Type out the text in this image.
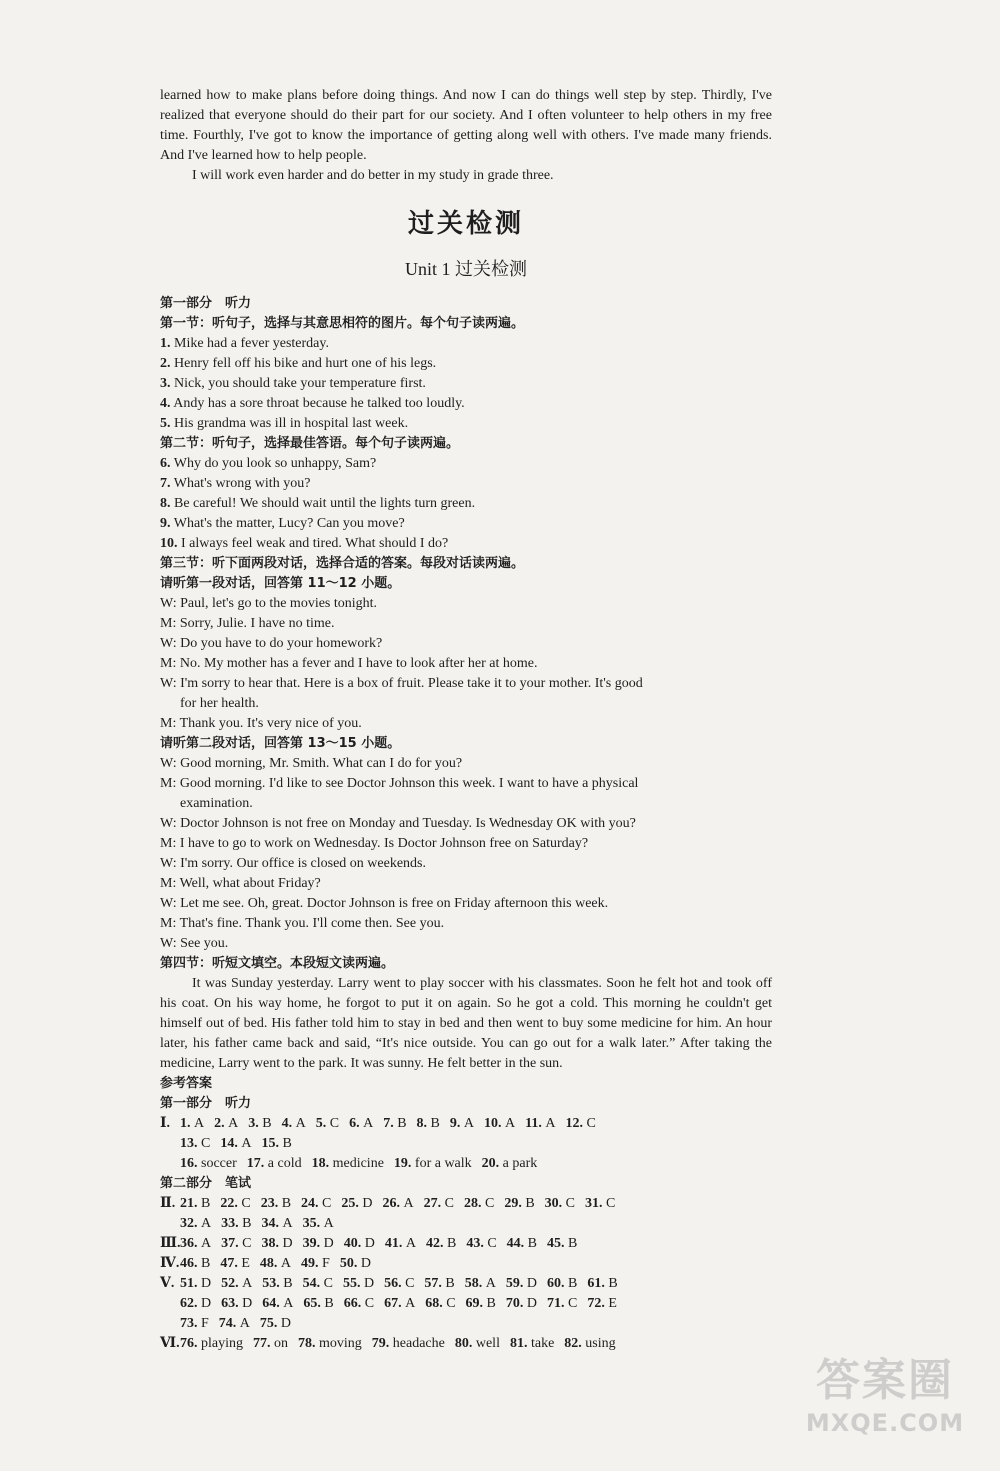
learned how to make plans before doing things. And now I can do things well step by step. Thirdly, I've realized that everyone should do their part for our society. And I often volunteer to help others in my free time. Fourthly, I've got to know the importance of getting along well with others. I've made many friends. And I've learned how to help people.

I will work even harder and do better in my study in grade three.

过关检测
Unit 1 过关检测
第一部分　听力
第一节：听句子，选择与其意思相符的图片。每个句子读两遍。

1. Mike had a fever yesterday.

2. Henry fell off his bike and hurt one of his legs.

3. Nick, you should take your temperature first.

4. Andy has a sore throat because he talked too loudly.

5. His grandma was ill in hospital last week.

第二节：听句子，选择最佳答语。每个句子读两遍。

6. Why do you look so unhappy, Sam?

7. What's wrong with you?

8. Be careful! We should wait until the lights turn green.

9. What's the matter, Lucy? Can you move?

10. I always feel weak and tired. What should I do?

第三节：听下面两段对话，选择合适的答案。每段对话读两遍。
请听第一段对话，回答第 11～12 小题。

W: Paul, let's go to the movies tonight.

M: Sorry, Julie. I have no time.

W: Do you have to do your homework?

M: No. My mother has a fever and I have to look after her at home.

W: I'm sorry to hear that. Here is a box of fruit. Please take it to your mother. It's good

for her health.

M: Thank you. It's very nice of you.

请听第二段对话，回答第 13～15 小题。

W: Good morning, Mr. Smith. What can I do for you?

M: Good morning. I'd like to see Doctor Johnson this week. I want to have a physical

examination.

W: Doctor Johnson is not free on Monday and Tuesday. Is Wednesday OK with you?

M: I have to go to work on Wednesday. Is Doctor Johnson free on Saturday?

W: I'm sorry. Our office is closed on weekends.

M: Well, what about Friday?

W: Let me see. Oh, great. Doctor Johnson is free on Friday afternoon this week.

M: That's fine. Thank you. I'll come then. See you.

W: See you.

第四节：听短文填空。本段短文读两遍。

It was Sunday yesterday. Larry went to play soccer with his classmates. Soon he felt hot and took off his coat. On his way home, he forgot to put it on again. So he got a cold. This morning he couldn't get himself out of bed. His father told him to stay in bed and then went to buy some medicine for him. An hour later, his father came back and said, “It's nice outside. You can go out for a walk later.” After taking the medicine, Larry went to the park. It was sunny. He felt better in the sun.

参考答案
第一部分　听力

Ⅰ. 1. A 2. A 3. B 4. A 5. C 6. A 7. B 8. B 9. A 10. A 11. A 12. C

13. C 14. A 15. B

16. soccer 17. a cold 18. medicine 19. for a walk 20. a park

第二部分　笔试

Ⅱ. 21. B 22. C 23. B 24. C 25. D 26. A 27. C 28. C 29. B 30. C 31. C

32. A 33. B 34. A 35. A

Ⅲ.36. A 37. C 38. D 39. D 40. D 41. A 42. B 43. C 44. B 45. B

Ⅳ.46. B 47. E 48. A 49. F 50. D

Ⅴ. 51. D 52. A 53. B 54. C 55. D 56. C 57. B 58. A 59. D 60. B 61. B

62. D 63. D 64. A 65. B 66. C 67. A 68. C 69. B 70. D 71. C 72. E

73. F 74. A 75. D

Ⅵ.76. playing 77. on 78. moving 79. headache 80. well 81. take 82. using

答案圈
MXQE.COM
